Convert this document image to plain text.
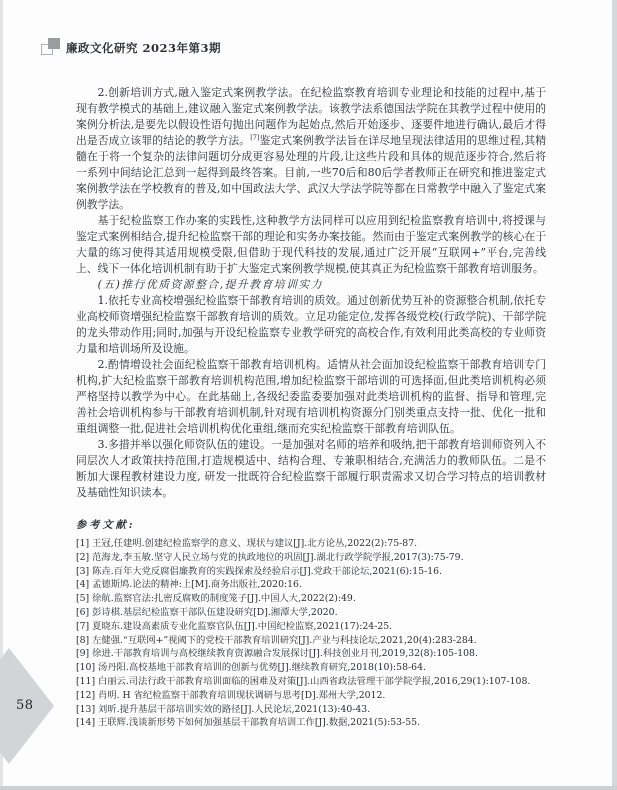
58
廉政文化研究 2023年第3期

2.创新培训方式,融入鉴定式案例教学法。在纪检监察教育培训专业理论和技能的过程中,基于现有教学模式的基础上,建议融入鉴定式案例教学法。该教学法系德国法学院在其教学过程中使用的案例分析法,是要先以假设性语句抛出问题作为起始点,然后开始逐步、逐要件地进行确认,最后才得出是否成立该罪的结论的教学方法。[7]鉴定式案例教学法旨在详尽地呈现法律适用的思维过程,其精髓在于将一个复杂的法律问题切分成更容易处理的片段,让这些片段和具体的规范逐步符合,然后将一系列中间结论汇总到一起得到最终答案。目前,一些70后和80后学者教师正在研究和推进鉴定式案例教学法在学校教育的普及,如中国政法大学、武汉大学法学院等都在日常教学中融入了鉴定式案例教学法。

基于纪检监察工作办案的实践性,这种教学方法同样可以应用到纪检监察教育培训中,将授课与鉴定式案例相结合,提升纪检监察干部的理论和实务办案技能。然而由于鉴定式案例教学的核心在于大量的练习使得其适用规模受限,但借助于现代科技的发展,通过广泛开展“互联网+”平台,完善线上、线下一体化培训机制有助于扩大鉴定式案例教学规模,使其真正为纪检监察干部教育培训服务。

(五)推行优质资源整合,提升教育培训实力

1.依托专业高校增强纪检监察干部教育培训的质效。通过创新优势互补的资源整合机制,依托专业高校师资增强纪检监察干部教育培训的质效。立足功能定位,发挥各级党校(行政学院)、干部学院的龙头带动作用;同时,加强与开设纪检监察专业教学研究的高校合作,有效利用此类高校的专业师资力量和培训场所及设施。

2.酌情增设社会面纪检监察干部教育培训机构。适情从社会面加设纪检监察干部教育培训专门机构,扩大纪检监察干部教育培训机构范围,增加纪检监察干部培训的可选择面,但此类培训机构必须严格坚持以教学为中心。在此基础上,各级纪委监委要加强对此类培训机构的监督、指导和管理,完善社会培训机构参与干部教育培训机制,针对现有培训机构资源分门别类重点支持一批、优化一批和重组调整一批,促进社会培训机构优化重组,继而充实纪检监察干部教育培训队伍。

3.多措并举以强化师资队伍的建设。一是加强对名师的培养和吸纳,把干部教育培训师资列入不同层次人才政策扶持范围,打造规模适中、结构合理、专兼职相结合,充满活力的教师队伍。二是不断加大课程教材建设力度, 研发一批既符合纪检监察干部履行职责需求又切合学习特点的培训教材及基础性知识读本。

参考文献:
[1] 王冠,任建明.创建纪检监察学的意义、现状与建议[J].北方论丛,2022(2):75-87.
[2] 范海龙,李玉敏.坚守人民立场与党的执政地位的巩固[J].湖北行政学院学报,2017(3):75-79.
[3] 陈垚.百年大党反腐倡廉教育的实践探索及经验启示[J].党政干部论坛,2021(6):15-16.
[4] 孟德斯鸠.论法的精神:上[M].商务出版社,2020:16.
[5] 徐航.监察官法:扎密反腐败的制度笼子[J].中国人大,2022(2):49.
[6] 彭诗棋.基层纪检监察干部队伍建设研究[D].湘潭大学,2020.
[7] 夏晓东.建设高素质专业化监察官队伍[J].中国纪检监察,2021(17):24-25.
[8] 左健强.“互联网+”视阈下的党校干部教育培训研究[J].产业与科技论坛,2021,20(4):283-284.
[9] 徐进.干部教育培训与高校继续教育资源融合发展探讨[J].科技创业月刊,2019,32(8):105-108.
[10] 汤丹阳.高校基地干部教育培训的创新与优势[J].继续教育研究,2018(10):58-64.
[11] 白丽云.司法行政干部教育培训面临的困难及对策[J].山西省政法管理干部学院学报,2016,29(1):107-108.
[12] 肖明. H 省纪检监察干部教育培训现状调研与思考[D].郑州大学,2012.
[13] 刘昕.提升基层干部培训实效的路径[J].人民论坛,2021(13):40-43.
[14] 王联辉.浅谈新形势下如何加强基层干部教育培训工作[J].数据,2021(5):53-55.
